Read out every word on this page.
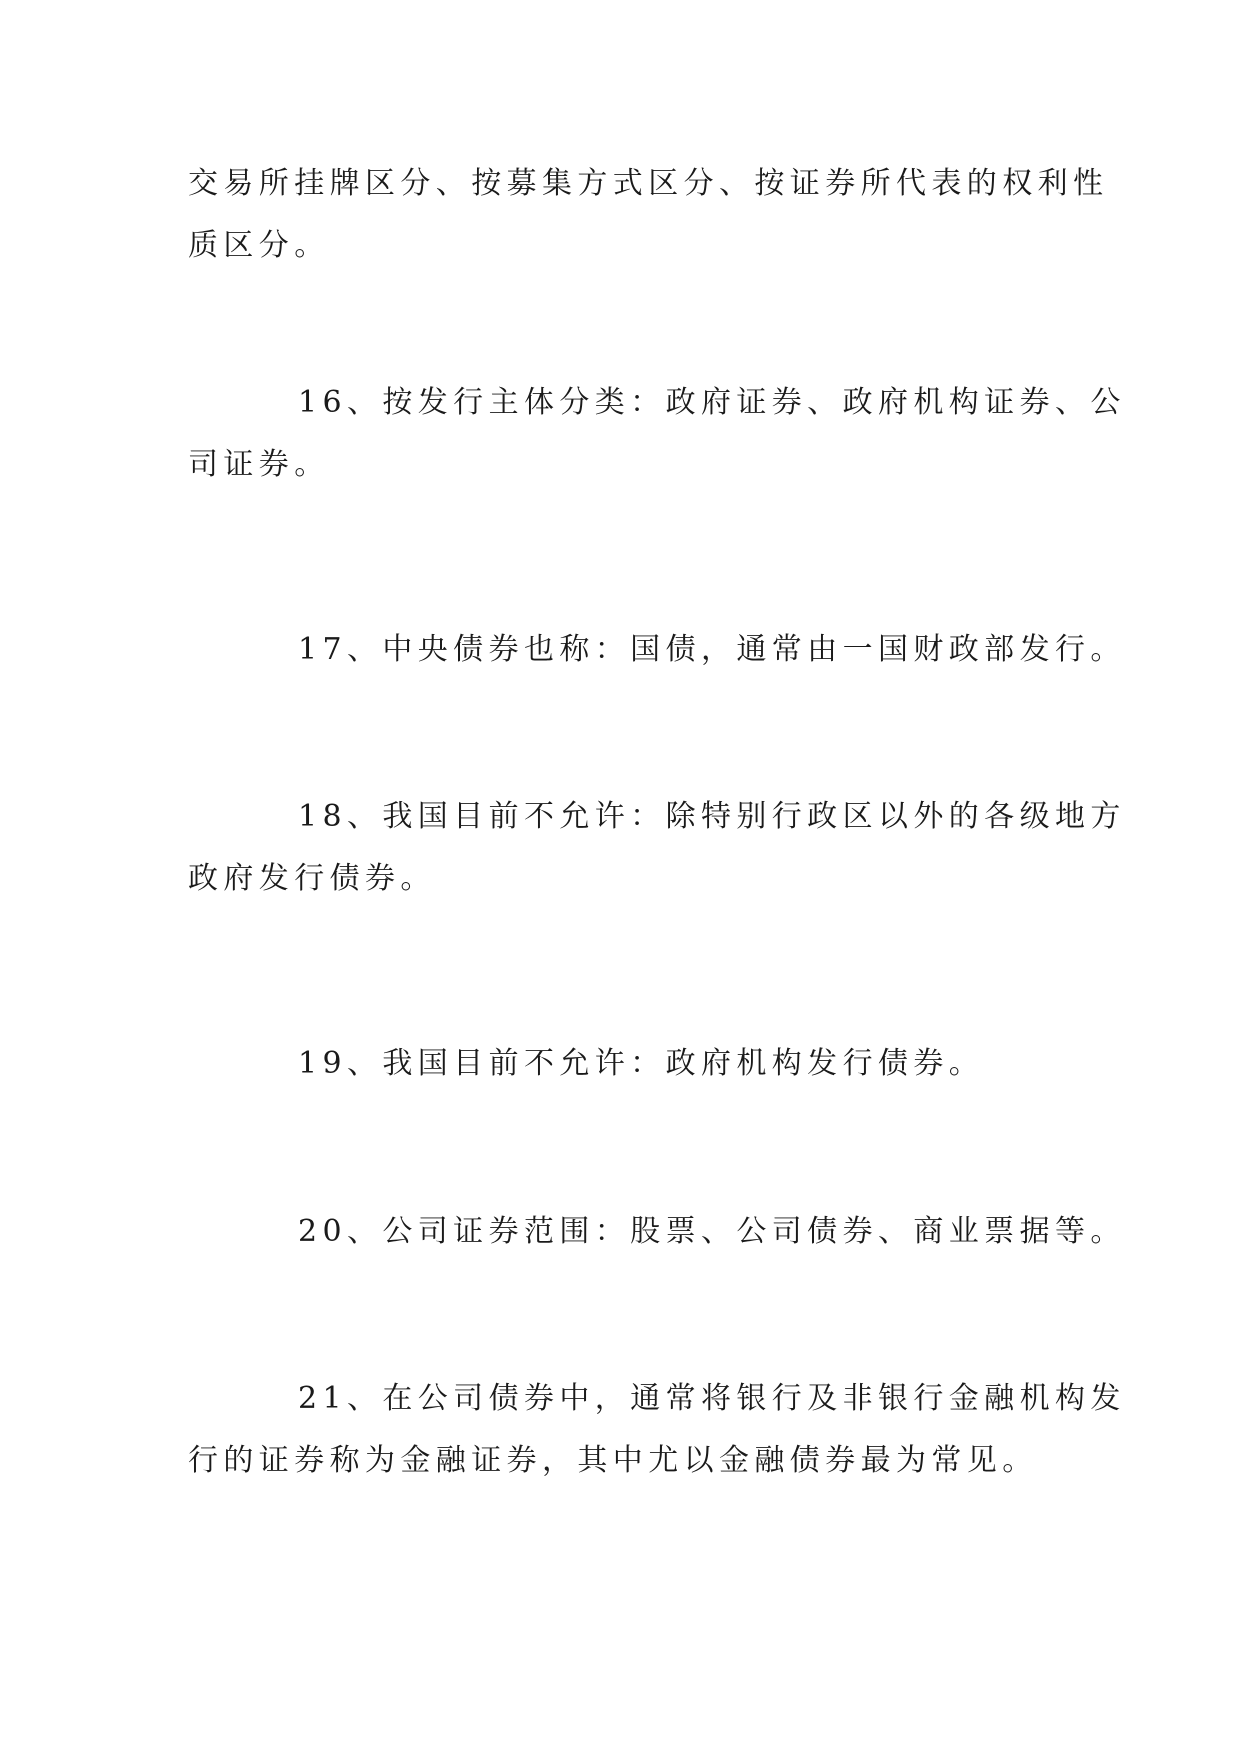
交易所挂牌区分、按募集方式区分、按证券所代表的权利性
质区分。

16、按发行主体分类：政府证券、政府机构证券、公
司证券。

17、中央债券也称：国债，通常由一国财政部发行。

18、我国目前不允许：除特别行政区以外的各级地方
政府发行债券。

19、我国目前不允许：政府机构发行债券。

20、公司证券范围：股票、公司债券、商业票据等。

21、在公司债券中，通常将银行及非银行金融机构发
行的证券称为金融证券，其中尤以金融债券最为常见。
